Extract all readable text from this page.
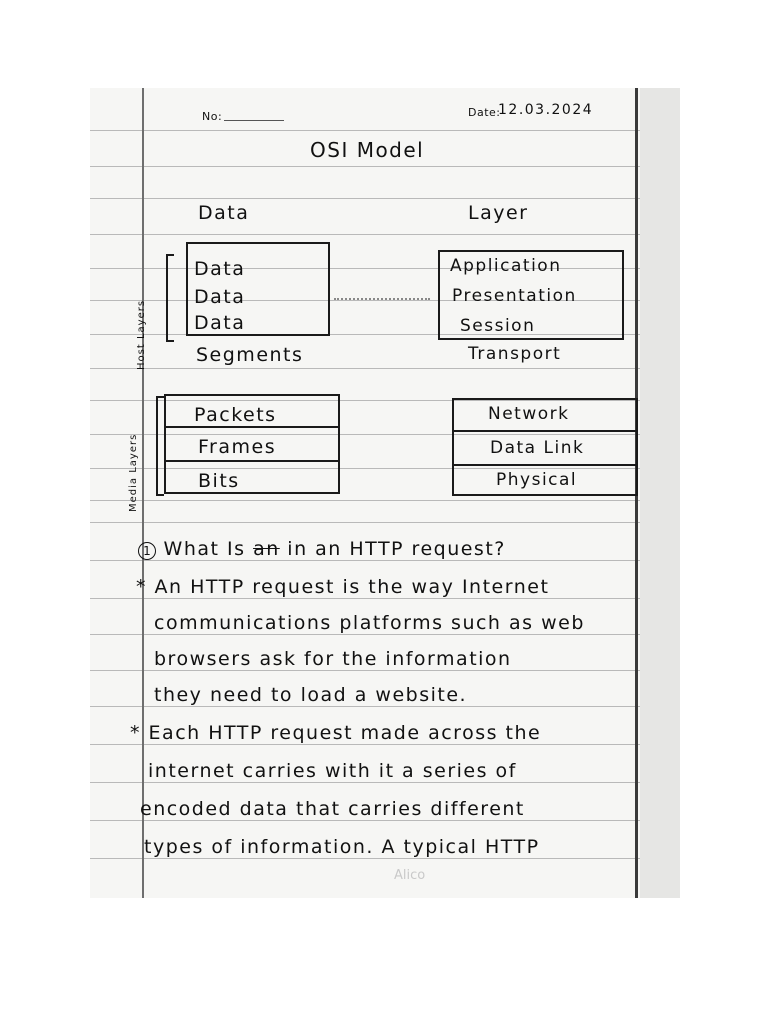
No:	Date:
12.03.2024
OSI Model
Data	Layer
Host Layers
Data
Data
Data
Segments
Application
Presentation
Session
Transport
Media Layers
Packets
Frames
Bits
Network
Data Link
Physical
1 What Is an in an HTTP request?
* An HTTP request is the way Internet
communications platforms such as web
browsers ask for the information
they need to load a website.
* Each HTTP request made across the
internet carries with it a series of
encoded data that carries different
types of information. A typical HTTP
Alico
